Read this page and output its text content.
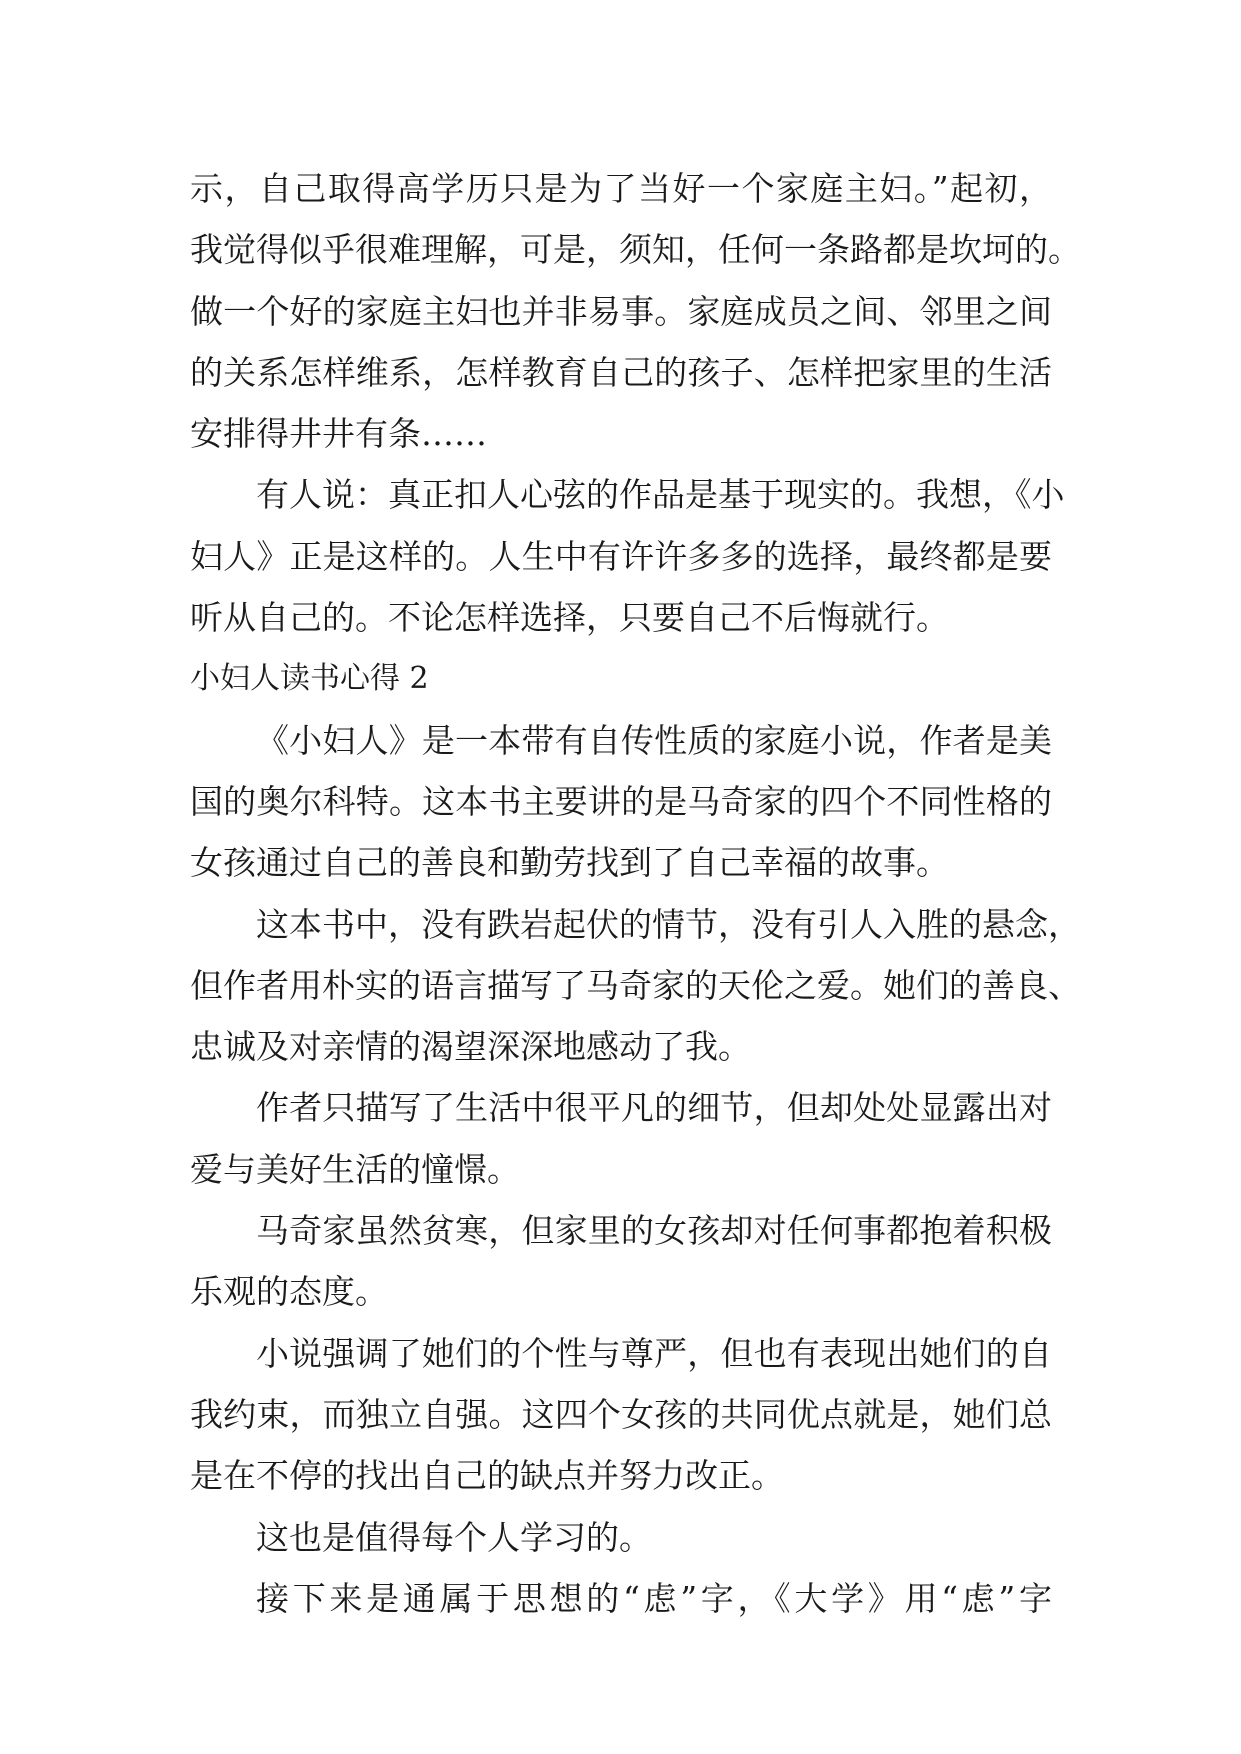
示，自己取得高学历只是为了当好一个家庭主妇。”起初，
我觉得似乎很难理解，可是，须知，任何一条路都是坎坷的。
做一个好的家庭主妇也并非易事。家庭成员之间、邻里之间
的关系怎样维系，怎样教育自己的孩子、怎样把家里的生活
安排得井井有条……
有人说：真正扣人心弦的作品是基于现实的。我想，《小
妇人》正是这样的。人生中有许许多多的选择，最终都是要
听从自己的。不论怎样选择，只要自己不后悔就行。
小妇人读书心得 2
《小妇人》是一本带有自传性质的家庭小说，作者是美
国的奥尔科特。这本书主要讲的是马奇家的四个不同性格的
女孩通过自己的善良和勤劳找到了自己幸福的故事。
这本书中，没有跌岩起伏的情节，没有引人入胜的悬念，
但作者用朴实的语言描写了马奇家的天伦之爱。她们的善良、
忠诚及对亲情的渴望深深地感动了我。
作者只描写了生活中很平凡的细节，但却处处显露出对
爱与美好生活的憧憬。
马奇家虽然贫寒，但家里的女孩却对任何事都抱着积极
乐观的态度。
小说强调了她们的个性与尊严，但也有表现出她们的自
我约束，而独立自强。这四个女孩的共同优点就是，她们总
是在不停的找出自己的缺点并努力改正。
这也是值得每个人学习的。
接下来是通属于思想的“虑”字，《大学》用“虑”字
